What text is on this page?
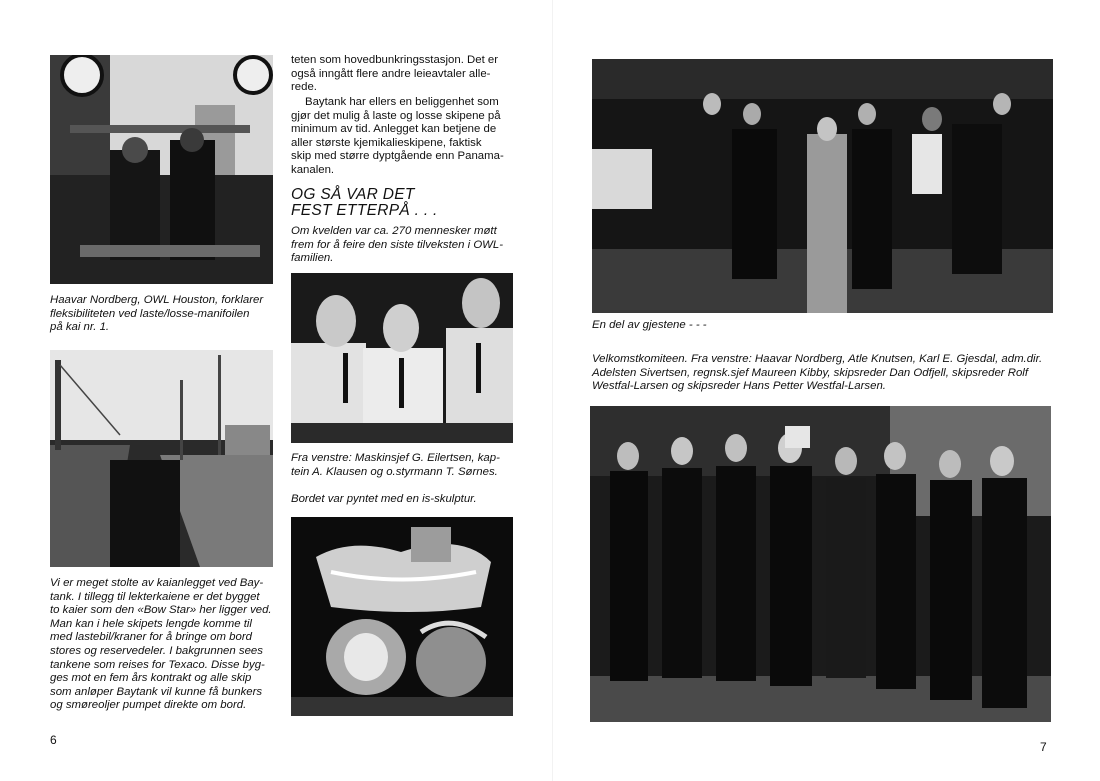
Haavar Nordberg, OWL Houston, forklarer
fleksibiliteten ved laste/losse-manifoilen
på kai nr. 1.

Vi er meget stolte av kaianlegget ved Bay-
tank. I tillegg til lekterkaiene er det bygget
to kaier som den «Bow Star» her ligger ved.
Man kan i hele skipets lengde komme til
med lastebil/kraner for å bringe om bord
stores og reservedeler. I bakgrunnen sees
tankene som reises for Texaco. Disse byg-
ges mot en fem års kontrakt og alle skip
som anløper Baytank vil kunne få bunkers
og smøreoljer pumpet direkte om bord.

6

teten som hovedbunkringsstasjon. Det er
også inngått flere andre leieavtaler alle-
rede.

Baytank har ellers en beliggenhet som
gjør det mulig å laste og losse skipene på
minimum av tid. Anlegget kan betjene de
aller største kjemikalieskipene, faktisk
skip med større dyptgående enn Panama-
kanalen.

OG SÅ VAR DET
FEST ETTERPÅ . . .

Om kvelden var ca. 270 mennesker møtt
frem for å feire den siste tilveksten i OWL-
familien.

Fra venstre: Maskinsjef G. Eilertsen, kap-
tein A. Klausen og o.styrmann T. Sørnes.

Bordet var pyntet med en is-skulptur.

En del av gjestene - - -

Velkomstkomiteen. Fra venstre: Haavar Nordberg, Atle Knutsen, Karl E. Gjesdal, adm.dir.
Adelsten Sivertsen, regnsk.sjef Maureen Kibby, skipsreder Dan Odfjell, skipsreder Rolf
Westfal-Larsen og skipsreder Hans Petter Westfal-Larsen.

7
